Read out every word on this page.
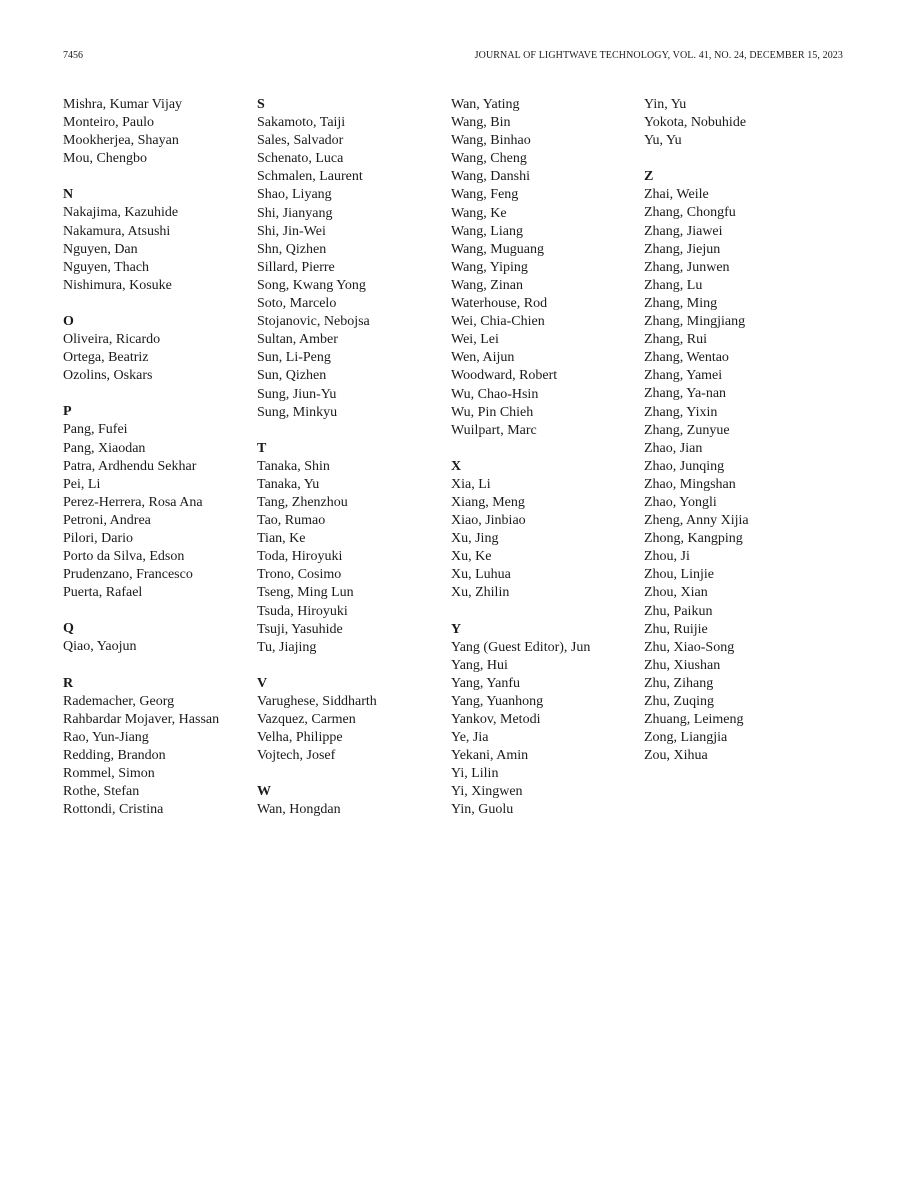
7456	JOURNAL OF LIGHTWAVE TECHNOLOGY, VOL. 41, NO. 24, DECEMBER 15, 2023
Mishra, Kumar Vijay
Monteiro, Paulo
Mookherjea, Shayan
Mou, Chengbo
N
Nakajima, Kazuhide
Nakamura, Atsushi
Nguyen, Dan
Nguyen, Thach
Nishimura, Kosuke
O
Oliveira, Ricardo
Ortega, Beatriz
Ozolins, Oskars
P
Pang, Fufei
Pang, Xiaodan
Patra, Ardhendu Sekhar
Pei, Li
Perez-Herrera, Rosa Ana
Petroni, Andrea
Pilori, Dario
Porto da Silva, Edson
Prudenzano, Francesco
Puerta, Rafael
Q
Qiao, Yaojun
R
Rademacher, Georg
Rahbardar Mojaver, Hassan
Rao, Yun-Jiang
Redding, Brandon
Rommel, Simon
Rothe, Stefan
Rottondi, Cristina
S
Sakamoto, Taiji
Sales, Salvador
Schenato, Luca
Schmalen, Laurent
Shao, Liyang
Shi, Jianyang
Shi, Jin-Wei
Shn, Qizhen
Sillard, Pierre
Song, Kwang Yong
Soto, Marcelo
Stojanovic, Nebojsa
Sultan, Amber
Sun, Li-Peng
Sun, Qizhen
Sung, Jiun-Yu
Sung, Minkyu
T
Tanaka, Shin
Tanaka, Yu
Tang, Zhenzhou
Tao, Rumao
Tian, Ke
Toda, Hiroyuki
Trono, Cosimo
Tseng, Ming Lun
Tsuda, Hiroyuki
Tsuji, Yasuhide
Tu, Jiajing
V
Varughese, Siddharth
Vazquez, Carmen
Velha, Philippe
Vojtech, Josef
W
Wan, Hongdan
Wan, Yating
Wang, Bin
Wang, Binhao
Wang, Cheng
Wang, Danshi
Wang, Feng
Wang, Ke
Wang, Liang
Wang, Muguang
Wang, Yiping
Wang, Zinan
Waterhouse, Rod
Wei, Chia-Chien
Wei, Lei
Wen, Aijun
Woodward, Robert
Wu, Chao-Hsin
Wu, Pin Chieh
Wuilpart, Marc
X
Xia, Li
Xiang, Meng
Xiao, Jinbiao
Xu, Jing
Xu, Ke
Xu, Luhua
Xu, Zhilin
Y
Yang (Guest Editor), Jun
Yang, Hui
Yang, Yanfu
Yang, Yuanhong
Yankov, Metodi
Ye, Jia
Yekani, Amin
Yi, Lilin
Yi, Xingwen
Yin, Guolu
Yin, Yu
Yokota, Nobuhide
Yu, Yu
Z
Zhai, Weile
Zhang, Chongfu
Zhang, Jiawei
Zhang, Jiejun
Zhang, Junwen
Zhang, Lu
Zhang, Ming
Zhang, Mingjiang
Zhang, Rui
Zhang, Wentao
Zhang, Yamei
Zhang, Ya-nan
Zhang, Yixin
Zhang, Zunyue
Zhao, Jian
Zhao, Junqing
Zhao, Mingshan
Zhao, Yongli
Zheng, Anny Xijia
Zhong, Kangping
Zhou, Ji
Zhou, Linjie
Zhou, Xian
Zhu, Paikun
Zhu, Ruijie
Zhu, Xiao-Song
Zhu, Xiushan
Zhu, Zihang
Zhu, Zuqing
Zhuang, Leimeng
Zong, Liangjia
Zou, Xihua
